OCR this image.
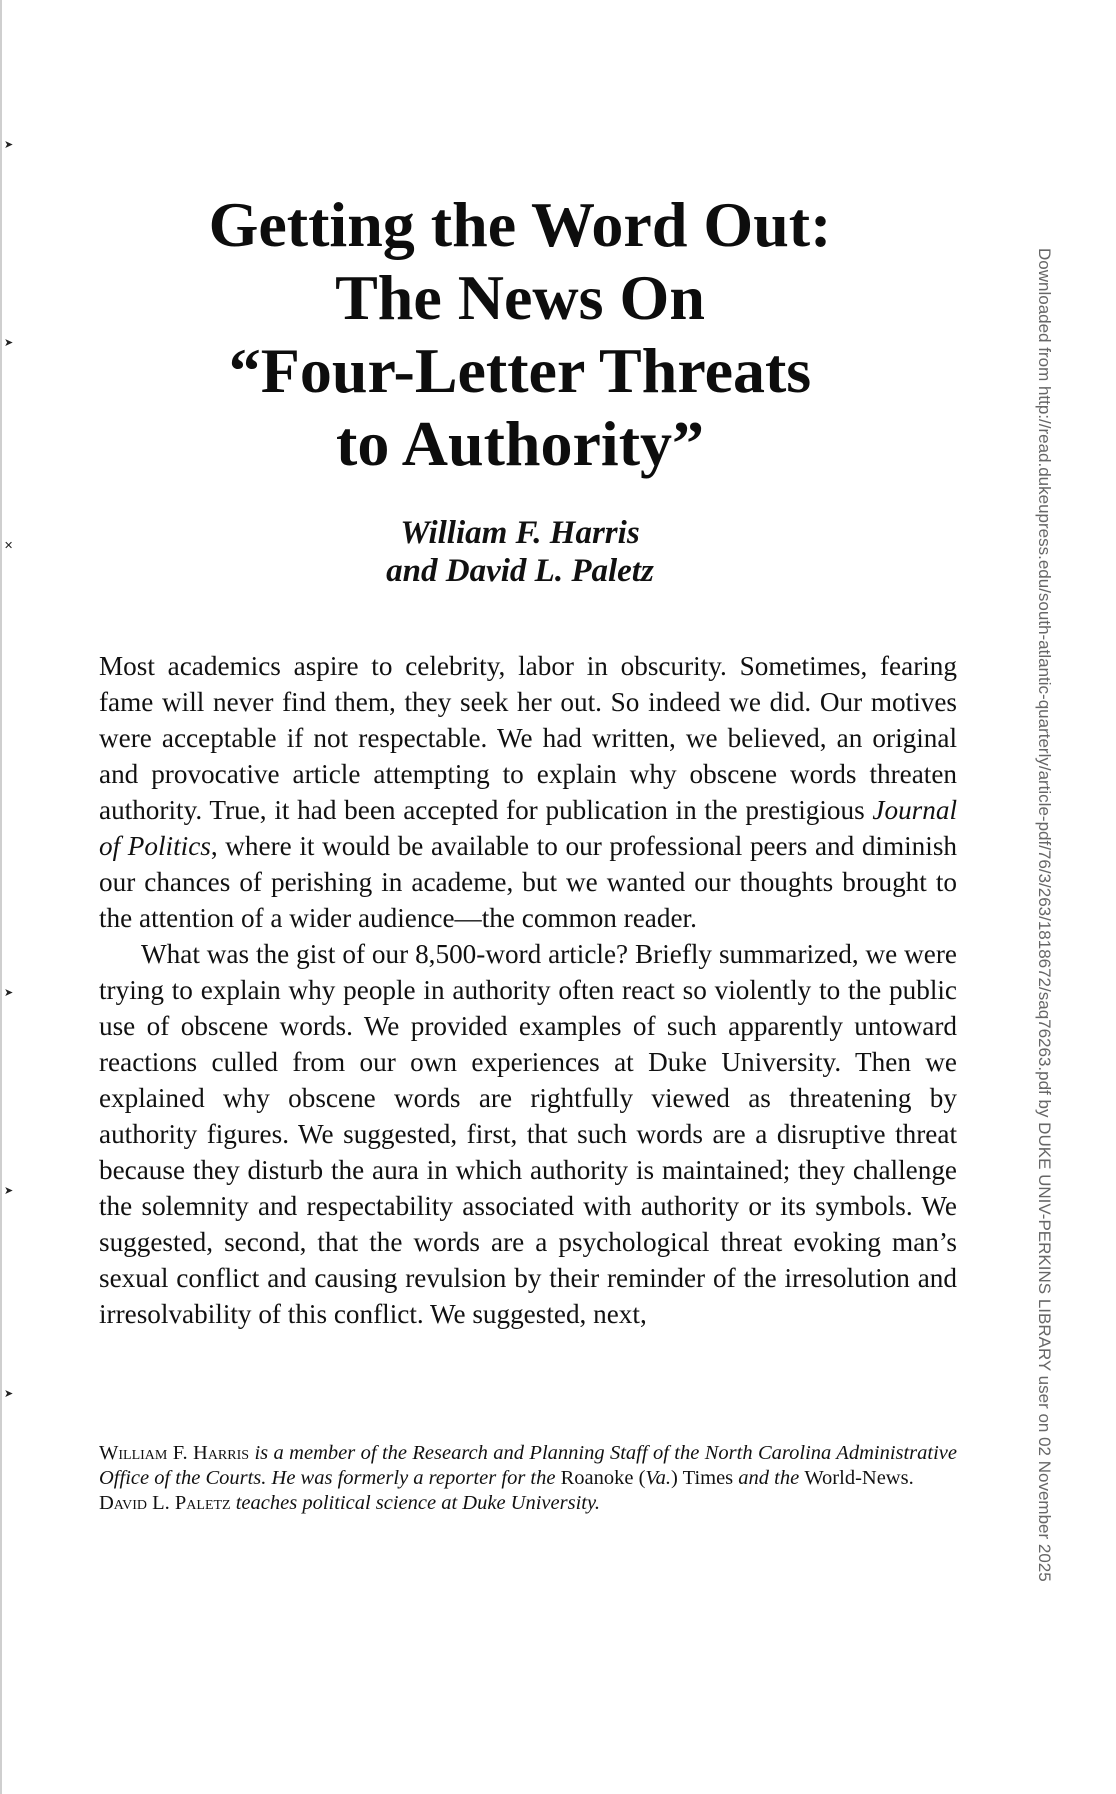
➤
➤
✕
➤
➤
➤
Getting the Word Out:
The News On
“Four-Letter Threats
to Authority”
William F. Harris
and David L. Paletz

Most academics aspire to celebrity, labor in obscurity. Sometimes, fearing fame will never find them, they seek her out. So indeed we did. Our motives were acceptable if not respectable. We had written, we believed, an original and provocative article attempting to explain why obscene words threaten authority. True, it had been accepted for publication in the prestigious Journal of Politics, where it would be available to our professional peers and diminish our chances of perishing in academe, but we wanted our thoughts brought to the attention of a wider audience—the common reader.

What was the gist of our 8,500-word article? Briefly summarized, we were trying to explain why people in authority often react so violently to the public use of obscene words. We provided examples of such apparently untoward reactions culled from our own experiences at Duke University. Then we explained why obscene words are rightfully viewed as threatening by authority figures. We suggested, first, that such words are a disruptive threat because they disturb the aura in which authority is maintained; they challenge the solemnity and respectability associated with authority or its symbols. We suggested, second, that the words are a psychological threat evoking man’s sexual conflict and causing revulsion by their reminder of the irresolution and irresolvability of this conflict. We suggested, next,

William F. Harris is a member of the Research and Planning Staff of the North Carolina Administrative Office of the Courts. He was formerly a reporter for the Roanoke (Va.) Times and the World-News.

David L. Paletz teaches political science at Duke University.	Downloaded from http://read.dukeupress.edu/south-atlantic-quarterly/article-pdf/76/3/263/1818672/saq76263.pdf by DUKE UNIV-PERKINS LIBRARY user on 02 November 2025
